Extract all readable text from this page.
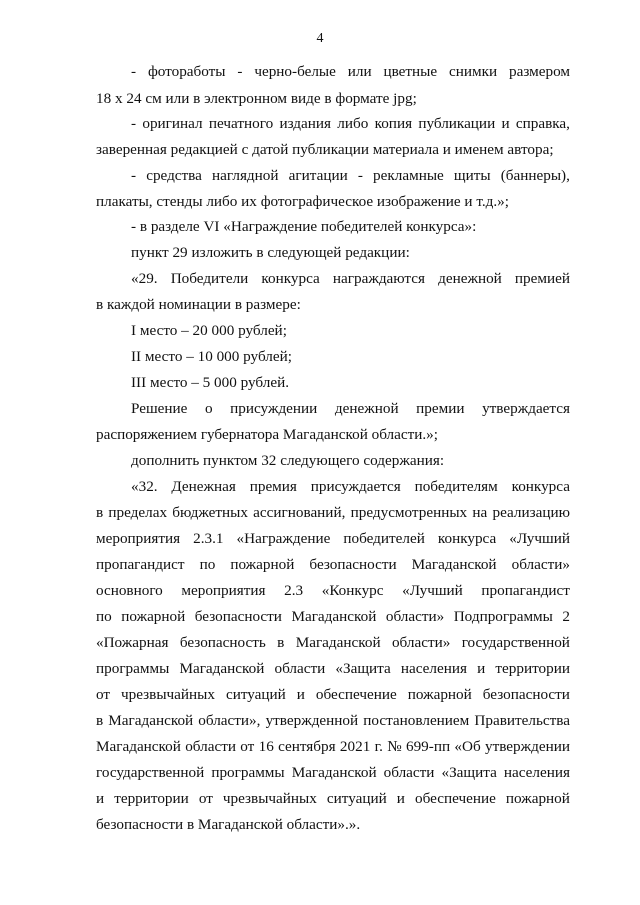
4
- фотоработы - черно-белые или цветные снимки размером
18 х 24 см или в электронном виде в формате jpg;
- оригинал печатного издания либо копия публикации и справка,
заверенная редакцией с датой публикации материала и именем автора;
- средства наглядной агитации - рекламные щиты (баннеры),
плакаты, стенды либо их фотографическое изображение и т.д.»;
- в разделе VI «Награждение победителей конкурса»:
пункт 29 изложить в следующей редакции:
«29. Победители конкурса награждаются денежной премией
в каждой номинации в размере:
I место – 20 000 рублей;
II место – 10 000 рублей;
III место – 5 000 рублей.
Решение о присуждении денежной премии утверждается
распоряжением губернатора Магаданской области.»;
дополнить пунктом 32 следующего содержания:
«32. Денежная премия присуждается победителям конкурса
в пределах бюджетных ассигнований, предусмотренных на реализацию
мероприятия 2.3.1 «Награждение победителей конкурса «Лучший
пропагандист по пожарной безопасности Магаданской области»
основного мероприятия 2.3 «Конкурс «Лучший пропагандист
по пожарной безопасности Магаданской области» Подпрограммы 2
«Пожарная безопасность в Магаданской области» государственной
программы Магаданской области «Защита населения и территории
от чрезвычайных ситуаций и обеспечение пожарной безопасности
в Магаданской области», утвержденной постановлением Правительства
Магаданской области от 16 сентября 2021 г. № 699-пп «Об утверждении
государственной программы Магаданской области «Защита населения
и территории от чрезвычайных ситуаций и обеспечение пожарной
безопасности в Магаданской области».».
